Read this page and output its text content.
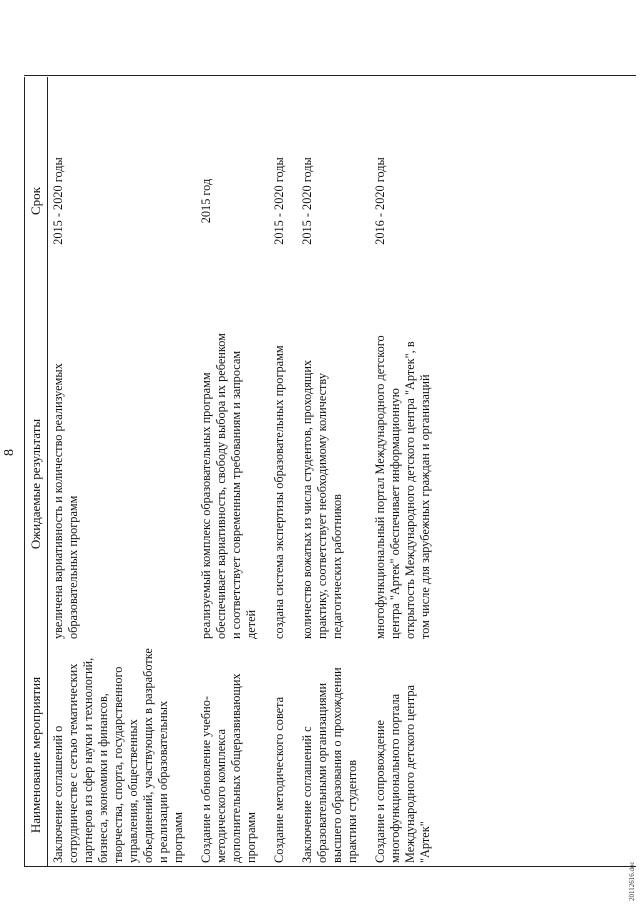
8
Наименование мероприятия	Ожидаемые результаты	Срок
Заключение соглашений о сотрудничестве с сетью тематических партнеров из сфер науки и технологий, бизнеса, экономики и финансов, творчества, спорта, государственного управления, общественных объединений, участвующих в разработке и реализации образовательных программ	увеличена вариативность и количество реализуемых образовательных программ	2015 - 2020 годы
Создание и обновление учебно-методического комплекса дополнительных общеразвивающих программ	реализуемый комплекс образовательных программ обеспечивает вариативность, свободу выбора их ребенком и соответствует современным требованиям и запросам детей	2015 год
Создание методического совета	создана система экспертизы образовательных программ	2015 - 2020 годы
Заключение соглашений с образовательными организациями высшего образования о прохождении практики студентов	количество вожатых из числа студентов, проходящих практику, соответствует необходимому количеству педагогических работников	2015 - 2020 годы
Создание и сопровождение многофункционального портала Международного детского центра "Артек"	многофункциональный портал Международного детского центра "Артек" обеспечивает информационную открытость Международного детского центра "Артек", в том числе для зарубежных граждан и организаций	2016 - 2020 годы
20112616.doc
